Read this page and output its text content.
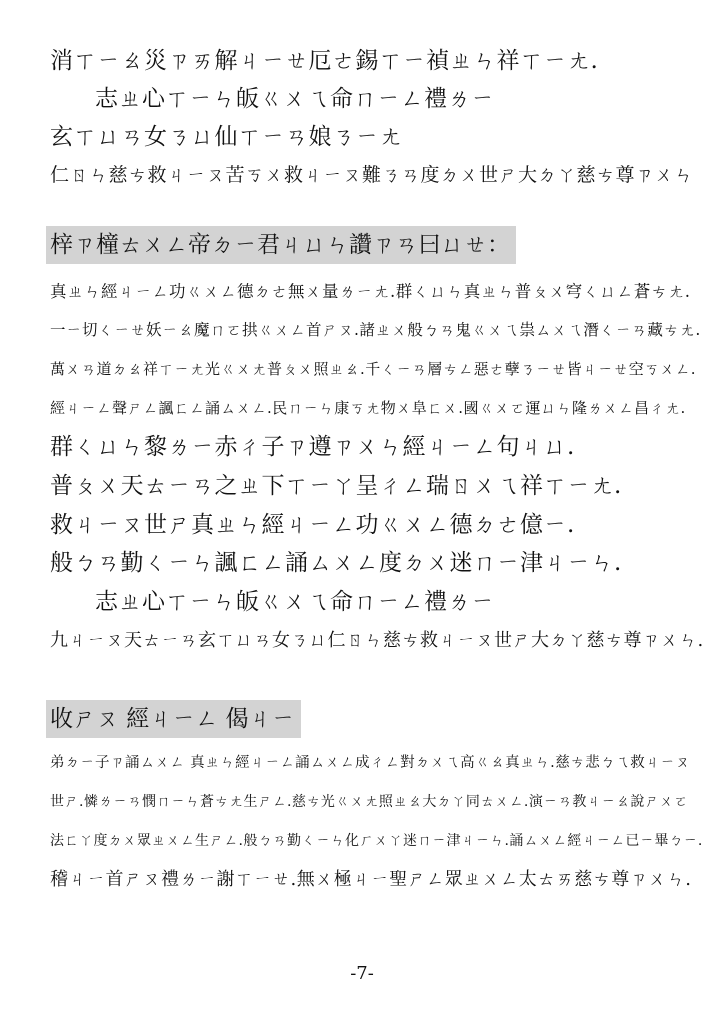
消ㄒㄧㄠ災ㄗㄞ解ㄐㄧㄝ厄ㄜ錫ㄒㄧ禎ㄓㄣ祥ㄒㄧㄤ.
志ㄓ心ㄒㄧㄣ皈ㄍㄨㄟ命ㄇㄧㄥ禮ㄌㄧ
玄ㄒㄩㄢ女ㄋㄩ仙ㄒㄧㄢ娘ㄋㄧㄤ
仁ㄖㄣ慈ㄘ救ㄐㄧㄡ苦ㄎㄨ救ㄐㄧㄡ難ㄋㄢ度ㄉㄨ世ㄕ大ㄉㄚ慈ㄘ尊ㄗㄨㄣ
梓ㄗ橦ㄊㄨㄥ帝ㄉㄧ君ㄐㄩㄣ讚ㄗㄢ曰ㄩㄝ：
真ㄓㄣ經ㄐㄧㄥ功ㄍㄨㄥ德ㄉㄜ無ㄨ量ㄌㄧㄤ.群ㄑㄩㄣ真ㄓㄣ普ㄆㄨ穹ㄑㄩㄥ蒼ㄘㄤ.
一ㄧ切ㄑㄧㄝ妖ㄧㄠ魔ㄇㄛ拱ㄍㄨㄥ首ㄕㄡ.諸ㄓㄨ般ㄅㄢ鬼ㄍㄨㄟ祟ㄙㄨㄟ潛ㄑㄧㄢ藏ㄘㄤ.
萬ㄨㄢ道ㄉㄠ祥ㄒㄧㄤ光ㄍㄨㄤ普ㄆㄨ照ㄓㄠ.千ㄑㄧㄢ層ㄘㄥ惡ㄜ孽ㄋㄧㄝ皆ㄐㄧㄝ空ㄎㄨㄥ.
經ㄐㄧㄥ聲ㄕㄥ諷ㄈㄥ誦ㄙㄨㄥ.民ㄇㄧㄣ康ㄎㄤ物ㄨ阜ㄈㄨ.國ㄍㄨㄛ運ㄩㄣ隆ㄌㄨㄥ昌ㄔㄤ.
群ㄑㄩㄣ黎ㄌㄧ赤ㄔ子ㄗ遵ㄗㄨㄣ經ㄐㄧㄥ句ㄐㄩ.
普ㄆㄨ天ㄊㄧㄢ之ㄓ下ㄒㄧㄚ呈ㄔㄥ瑞ㄖㄨㄟ祥ㄒㄧㄤ.
救ㄐㄧㄡ世ㄕ真ㄓㄣ經ㄐㄧㄥ功ㄍㄨㄥ德ㄉㄜ億ㄧ.
般ㄅㄢ勤ㄑㄧㄣ諷ㄈㄥ誦ㄙㄨㄥ度ㄉㄨ迷ㄇㄧ津ㄐㄧㄣ.
志ㄓ心ㄒㄧㄣ皈ㄍㄨㄟ命ㄇㄧㄥ禮ㄌㄧ
九ㄐㄧㄡ天ㄊㄧㄢ玄ㄒㄩㄢ女ㄋㄩ仁ㄖㄣ慈ㄘ救ㄐㄧㄡ世ㄕ大ㄉㄚ慈ㄘ尊ㄗㄨㄣ.
收ㄕㄡ 經ㄐㄧㄥ 偈ㄐㄧ
弟ㄉㄧ子ㄗ誦ㄙㄨㄥ 真ㄓㄣ經ㄐㄧㄥ誦ㄙㄨㄥ成ㄔㄥ對ㄉㄨㄟ高ㄍㄠ真ㄓㄣ.慈ㄘ悲ㄅㄟ救ㄐㄧㄡ
世ㄕ.憐ㄌㄧㄢ憫ㄇㄧㄣ蒼ㄘㄤ生ㄕㄥ.慈ㄘ光ㄍㄨㄤ照ㄓㄠ大ㄉㄚ同ㄊㄨㄥ.演ㄧㄢ教ㄐㄧㄠ說ㄕㄨㄛ
法ㄈㄚ度ㄉㄨ眾ㄓㄨㄥ生ㄕㄥ.般ㄅㄢ勤ㄑㄧㄣ化ㄏㄨㄚ迷ㄇㄧ津ㄐㄧㄣ.誦ㄙㄨㄥ經ㄐㄧㄥ已ㄧ畢ㄅㄧ.
稽ㄐㄧ首ㄕㄡ禮ㄌㄧ謝ㄒㄧㄝ.無ㄨ極ㄐㄧ聖ㄕㄥ眾ㄓㄨㄥ太ㄊㄞ慈ㄘ尊ㄗㄨㄣ.
-7-
